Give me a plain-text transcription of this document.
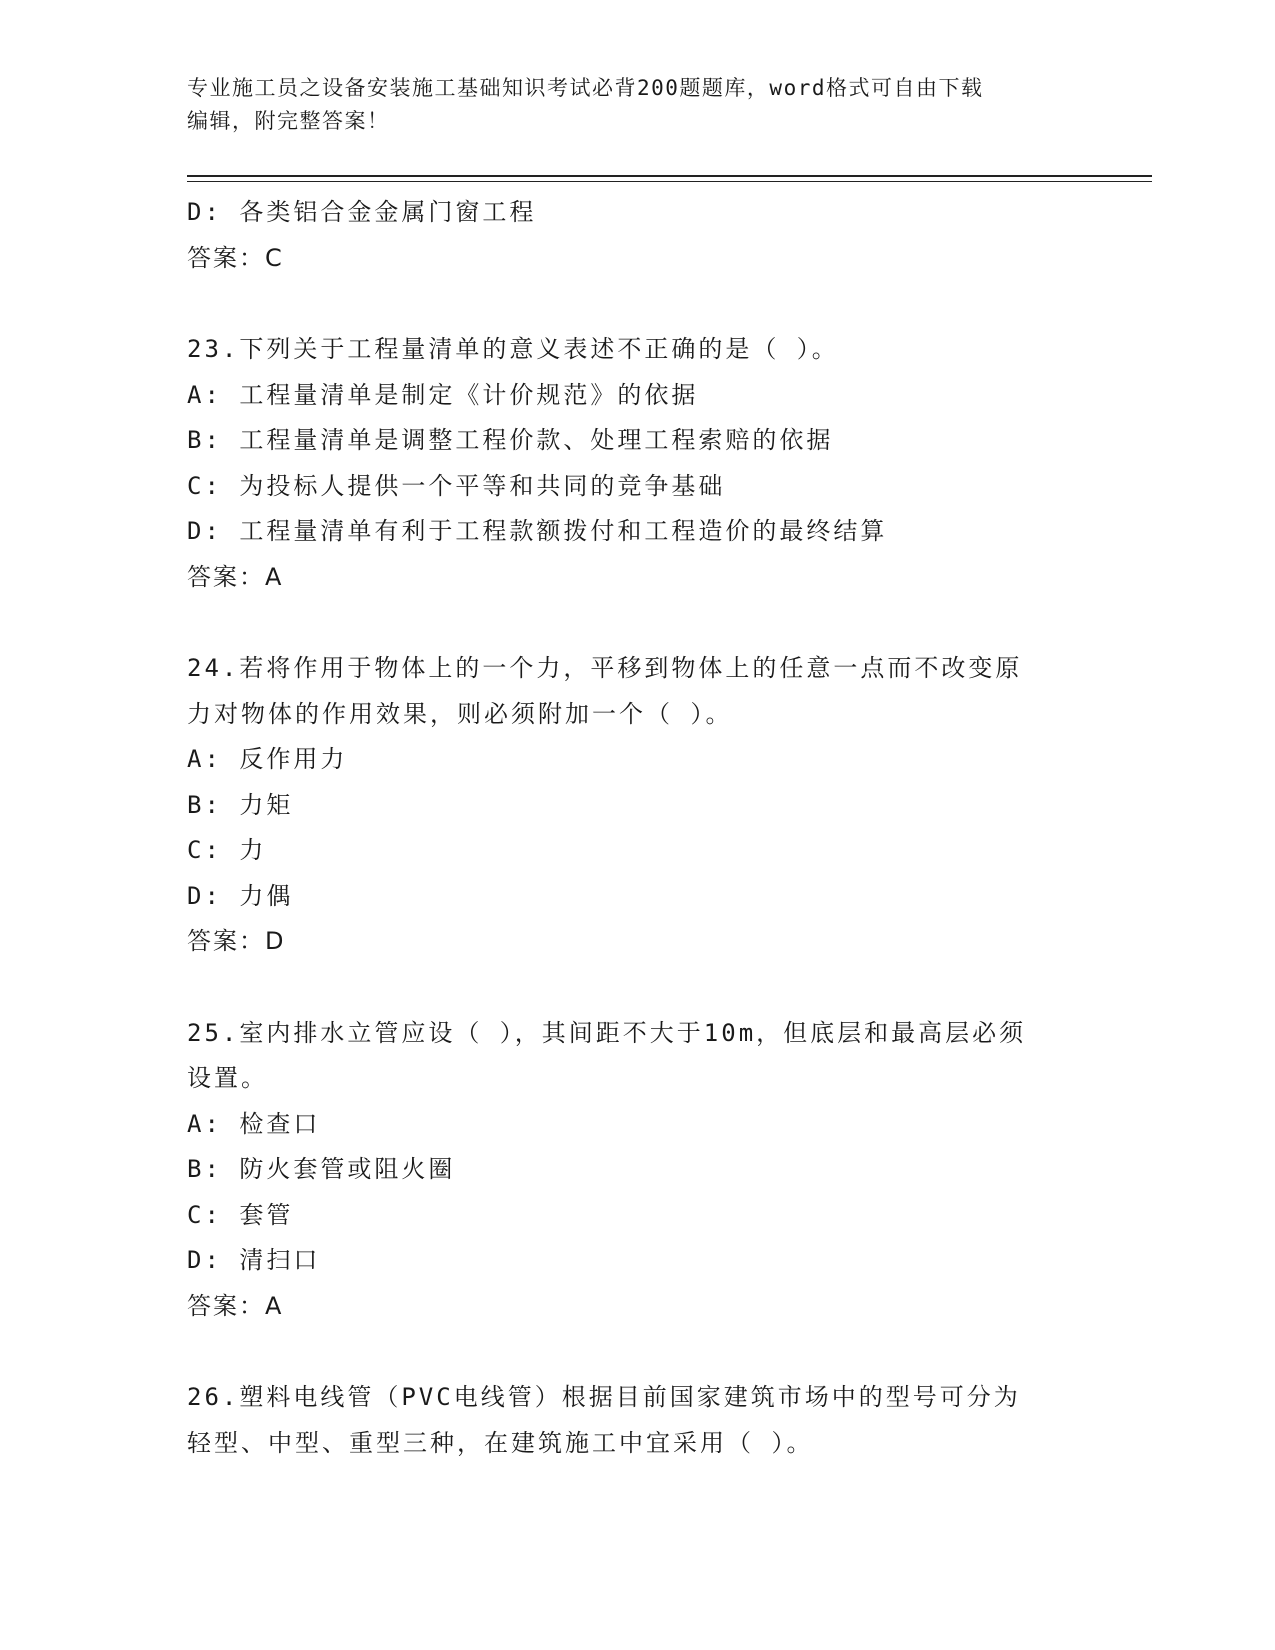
专业施工员之设备安装施工基础知识考试必背200题题库，word格式可自由下载
编辑，附完整答案！
D: 各类铝合金金属门窗工程
答案：C
23.下列关于工程量清单的意义表述不正确的是（ ）。
A: 工程量清单是制定《计价规范》的依据
B: 工程量清单是调整工程价款、处理工程索赔的依据
C: 为投标人提供一个平等和共同的竞争基础
D: 工程量清单有利于工程款额拨付和工程造价的最终结算
答案：A
24.若将作用于物体上的一个力，平移到物体上的任意一点而不改变原
力对物体的作用效果，则必须附加一个（ ）。
A: 反作用力
B: 力矩
C: 力
D: 力偶
答案：D
25.室内排水立管应设（ ），其间距不大于10m，但底层和最高层必须
设置。
A: 检查口
B: 防火套管或阻火圈
C: 套管
D: 清扫口
答案：A
26.塑料电线管（PVC电线管）根据目前国家建筑市场中的型号可分为
轻型、中型、重型三种，在建筑施工中宜采用（ ）。
